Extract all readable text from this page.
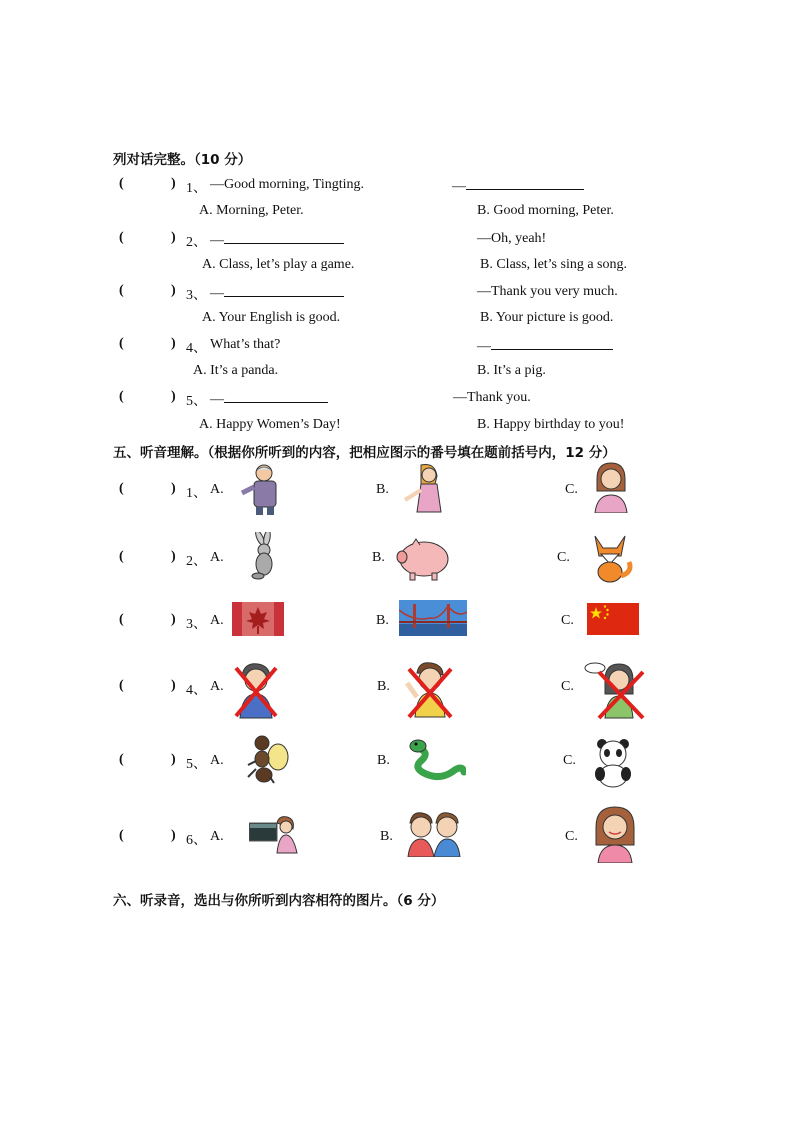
列对话完整。（10 分）
(	) 1、 —Good morning, Tingting.	—
A. Morning, Peter.	B. Good morning, Peter.
(	) 2、 —	—Oh, yeah!
A. Class, let’s play a game.	B. Class, let’s sing a song.
(	) 3、 —	—Thank you very much.
A. Your English is good.	B. Your picture is good.
(	) 4、 What’s that?	—
A. It’s a panda.	B. It’s a pig.
(	) 5、 —	—Thank you.
A. Happy Women’s Day!	B. Happy birthday to you!
五、听音理解。（根据你所听到的内容，把相应图示的番号填在题前括号内，12 分）
(	) 1、 A.	B.	C.
(	) 2、 A.	B.	C.
(	) 3、 A.	B.	C.
(	) 4、 A.	B.	C.
(	) 5、 A.	B.	C.
(	) 6、 A.	B.	C.
六、听录音，选出与你所听到内容相符的图片。（6 分）
